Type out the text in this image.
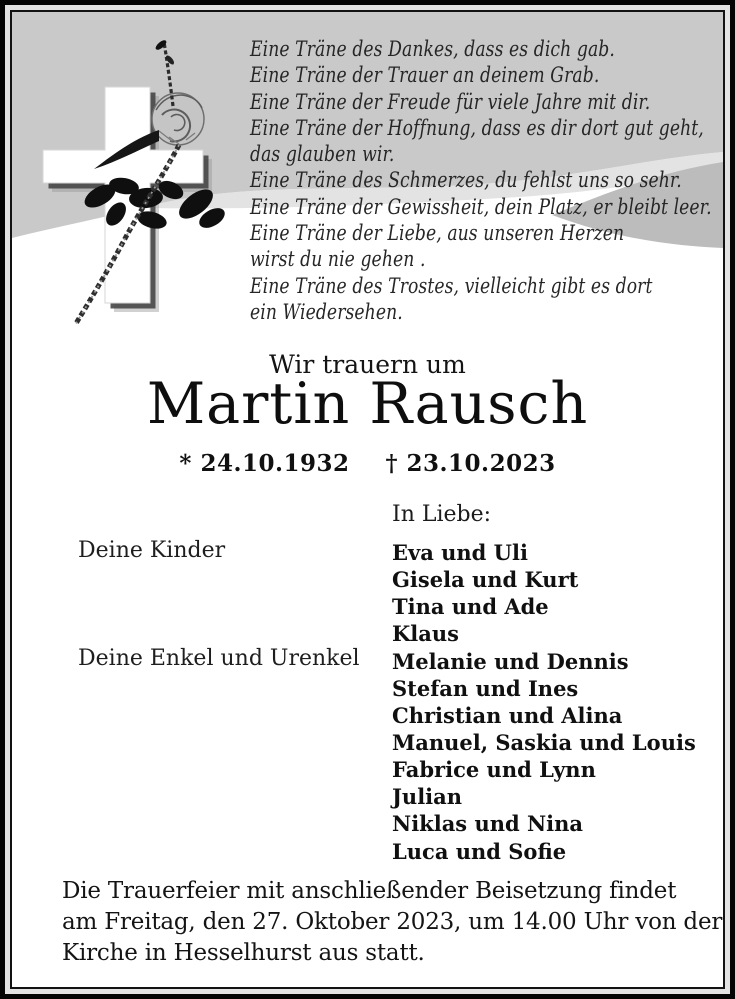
Eine Träne des Dankes, dass es dich gab.
Eine Träne der Trauer an deinem Grab.
Eine Träne der Freude für viele Jahre mit dir.
Eine Träne der Hoffnung, dass es dir dort gut geht,
das glauben wir.
Eine Träne des Schmerzes, du fehlst uns so sehr.
Eine Träne der Gewissheit, dein Platz, er bleibt leer.
Eine Träne der Liebe, aus unseren Herzen
wirst du nie gehen .
Eine Träne des Trostes, vielleicht gibt es dort
ein Wiedersehen.
Wir trauern um
Martin Rausch
* 24.10.1932 † 23.10.2023
In Liebe:
Deine Kinder
Deine Enkel und Urenkel
Eva und Uli
Gisela und Kurt
Tina und Ade
Klaus
Melanie und Dennis
Stefan und Ines
Christian und Alina
Manuel, Saskia und Louis
Fabrice und Lynn
Julian
Niklas und Nina
Luca und Sofie
Die Trauerfeier mit anschließender Beisetzung findet
am Freitag, den 27. Oktober 2023, um 14.00 Uhr von der
Kirche in Hesselhurst aus statt.
